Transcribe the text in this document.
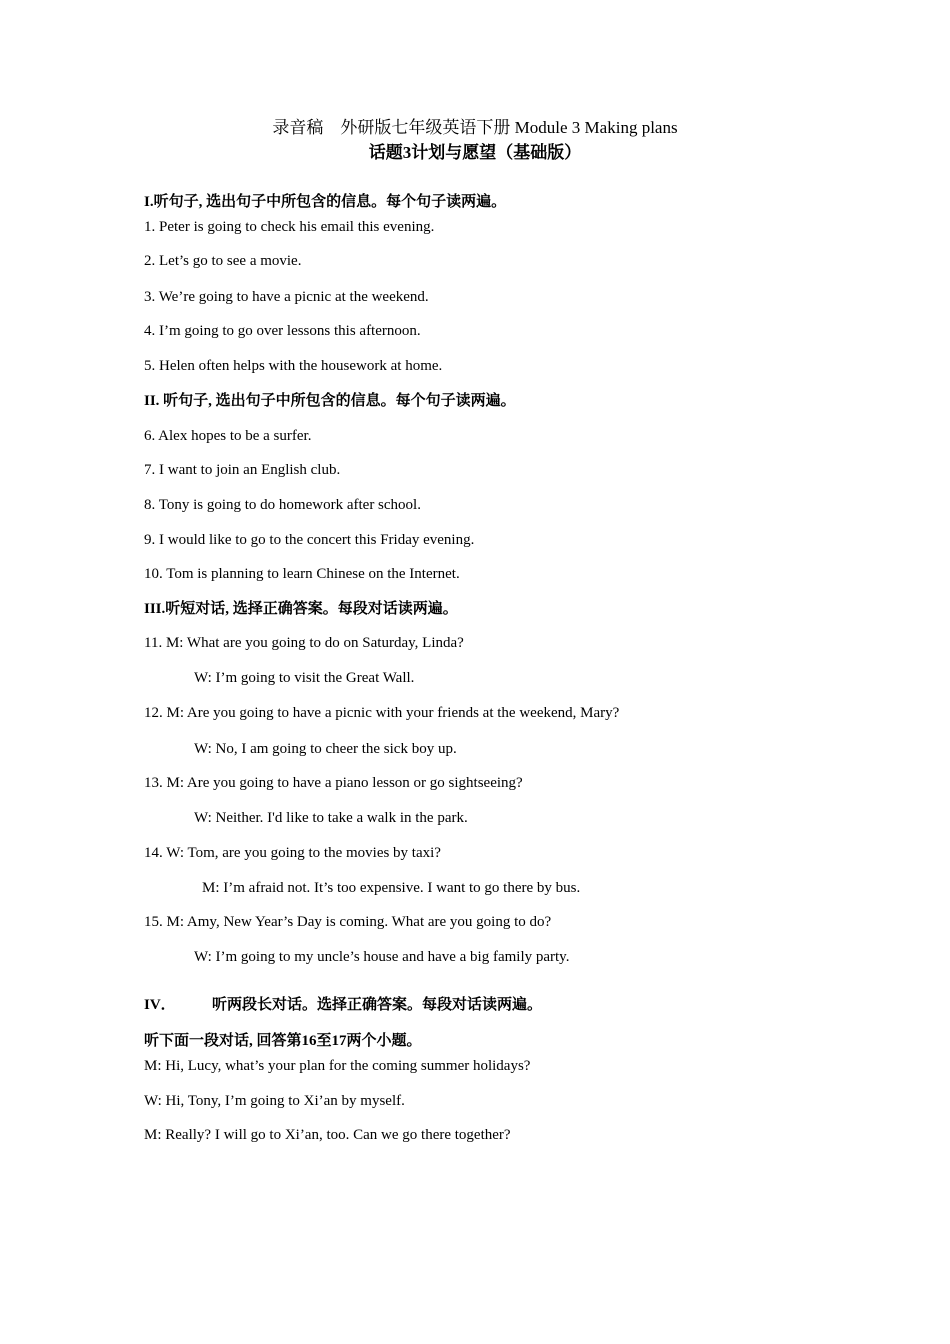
录音稿　外研版七年级英语下册 Module 3 Making plans
话题3计划与愿望（基础版）
I.听句子, 选出句子中所包含的信息。每个句子读两遍。
1. Peter is going to check his email this evening.
2. Let’s go to see a movie.
3. We’re going to have a picnic at the weekend.
4. I’m going to go over lessons this afternoon.
5. Helen often helps with the housework at home.
II. 听句子, 选出句子中所包含的信息。每个句子读两遍。
6. Alex hopes to be a surfer.
7. I want to join an English club.
8. Tony is going to do homework after school.
9. I would like to go to the concert this Friday evening.
10. Tom is planning to learn Chinese on the Internet.
III.听短对话, 选择正确答案。每段对话读两遍。
11. M: What are you going to do on Saturday, Linda?
W: I’m going to visit the Great Wall.
12. M: Are you going to have a picnic with your friends at the weekend, Mary?
W: No, I am going to cheer the sick boy up.
13. M: Are you going to have a piano lesson or go sightseeing?
W: Neither. I'd like to take a walk in the park.
14. W: Tom, are you going to the movies by taxi?
M: I’m afraid not. It’s too expensive. I want to go there by bus.
15. M: Amy, New Year’s Day is coming. What are you going to do?
W: I’m going to my uncle’s house and have a big family party.
IV． 听两段长对话。选择正确答案。每段对话读两遍。
听下面一段对话, 回答第16至17两个小题。
M: Hi, Lucy, what’s your plan for the coming summer holidays?
W: Hi, Tony, I’m going to Xi’an by myself.
M: Really? I will go to Xi’an, too. Can we go there together?
